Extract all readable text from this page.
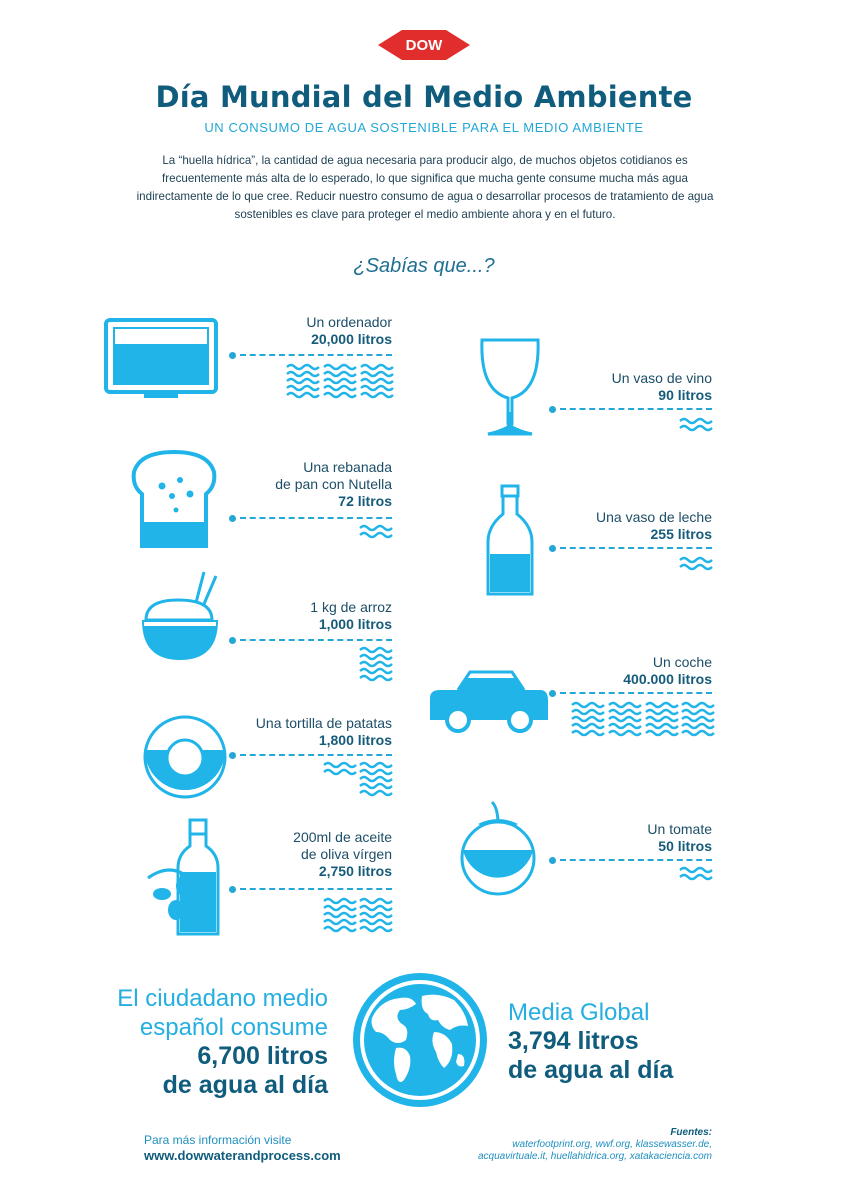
DOW
Día Mundial del Medio Ambiente
UN CONSUMO DE AGUA SOSTENIBLE PARA EL MEDIO AMBIENTE
La “huella hídrica”, la cantidad de agua necesaria para producir algo, de muchos objetos cotidianos es frecuentemente más alta de lo esperado, lo que significa que mucha gente consume mucha más agua indirectamente de lo que cree. Reducir nuestro consumo de agua o desarrollar procesos de tratamiento de agua sostenibles es clave para proteger el medio ambiente ahora y en el futuro.
¿Sabías que...?
Un ordenador
20,000 litros
Una rebanada
de pan con Nutella
72 litros
1 kg de arroz
1,000 litros
Una tortilla de patatas
1,800 litros
200ml de aceite
de oliva vírgen
2,750 litros
Un vaso de vino
90 litros
Una vaso de leche
255 litros
Un coche
400.000 litros
Un tomate
50 litros
El ciudadano medio
español consume
6,700 litros
de agua al día
Media Global
3,794 litros
de agua al día
Para más información visite
www.dowwaterandprocess.com
Fuentes:
waterfootprint.org, wwf.org, klassewasser.de,
acquavirtuale.it, huellahidrica.org, xatakaciencia.com
